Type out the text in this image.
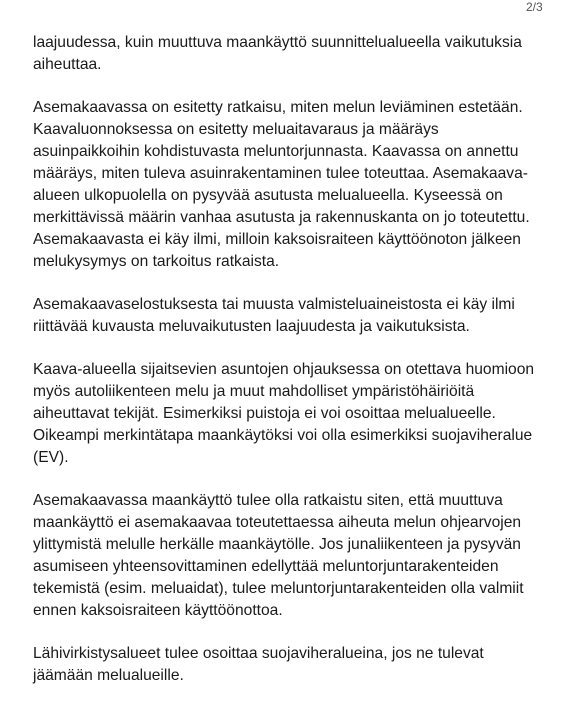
2/3
laajuudessa, kuin muuttuva maankäyttö suunnittelualueella vaikutuksia
aiheuttaa.
Asemakaavassa on esitetty ratkaisu, miten melun leviäminen estetään.
Kaavaluonnoksessa on esitetty meluaitavaraus ja määräys
asuinpaikkoihin kohdistuvasta meluntorjunnasta. Kaavassa on annettu
määräys, miten tuleva asuinrakentaminen tulee toteuttaa. Asemakaava-
alueen ulkopuolella on pysyvää asutusta melualueella. Kyseessä on
merkittävissä määrin vanhaa asutusta ja rakennuskanta on jo toteutettu.
Asemakaavasta ei käy ilmi, milloin kaksoisraiteen käyttöönoton jälkeen
melukysymys on tarkoitus ratkaista.
Asemakaavaselostuksesta tai muusta valmisteluaineistosta ei käy ilmi
riittävää kuvausta meluvaikutusten laajuudesta ja vaikutuksista.
Kaava-alueella sijaitsevien asuntojen ohjauksessa on otettava huomioon
myös autoliikenteen melu ja muut mahdolliset ympäristöhäiriöitä
aiheuttavat tekijät. Esimerkiksi puistoja ei voi osoittaa melualueelle.
Oikeampi merkintätapa maankäytöksi voi olla esimerkiksi suojaviheralue
(EV).
Asemakaavassa maankäyttö tulee olla ratkaistu siten, että muuttuva
maankäyttö ei asemakaavaa toteutettaessa aiheuta melun ohjearvojen
ylittymistä melulle herkälle maankäytölle. Jos junaliikenteen ja pysyvän
asumiseen yhteensovittaminen edellyttää meluntorjuntarakenteiden
tekemistä (esim. meluaidat), tulee meluntorjuntarakenteiden olla valmiit
ennen kaksoisraiteen käyttöönottoa.
Lähivirkistysalueet tulee osoittaa suojaviheralueina, jos ne tulevat
jäämään melualueille.
